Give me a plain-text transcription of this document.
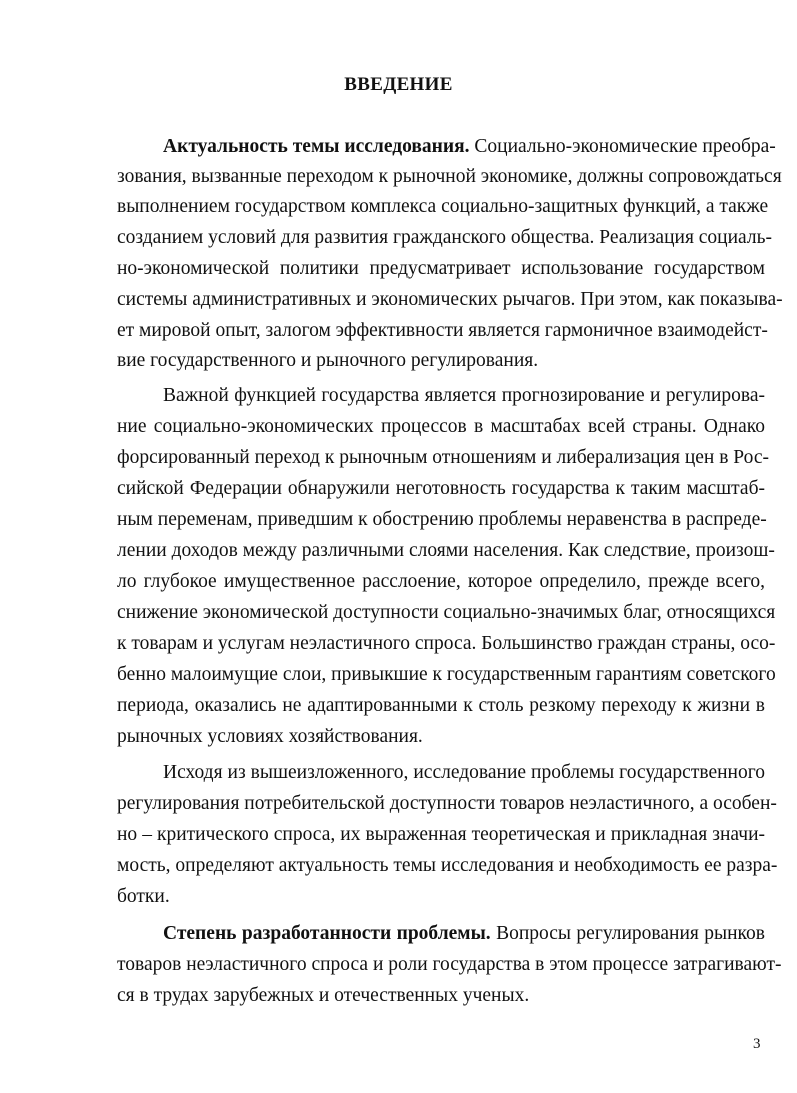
ВВЕДЕНИЕ
Актуальность темы исследования. Социально-экономические преобра-
зования, вызванные переходом к рыночной экономике, должны сопровождаться
выполнением государством комплекса социально-защитных функций, а также
созданием условий для развития гражданского общества. Реализация социаль-
но-экономической политики предусматривает использование государством
системы административных и экономических рычагов. При этом, как показыва-
ет мировой опыт, залогом эффективности является гармоничное взаимодейст-
вие государственного и рыночного регулирования.
Важной функцией государства является прогнозирование и регулирова-
ние социально-экономических процессов в масштабах всей страны. Однако
форсированный переход к рыночным отношениям и либерализация цен в Рос-
сийской Федерации обнаружили неготовность государства к таким масштаб-
ным переменам, приведшим к обострению проблемы неравенства в распреде-
лении доходов между различными слоями населения. Как следствие, произош-
ло глубокое имущественное расслоение, которое определило, прежде всего,
снижение экономической доступности социально-значимых благ, относящихся
к товарам и услугам неэластичного спроса. Большинство граждан страны, осо-
бенно малоимущие слои, привыкшие к государственным гарантиям советского
периода, оказались не адаптированными к столь резкому переходу к жизни в
рыночных условиях хозяйствования.
Исходя из вышеизложенного, исследование проблемы государственного
регулирования потребительской доступности товаров неэластичного, а особен-
но – критического спроса, их выраженная теоретическая и прикладная значи-
мость, определяют актуальность темы исследования и необходимость ее разра-
ботки.
Степень разработанности проблемы. Вопросы регулирования рынков
товаров неэластичного спроса и роли государства в этом процессе затрагивают-
ся в трудах зарубежных и отечественных ученых.
3
